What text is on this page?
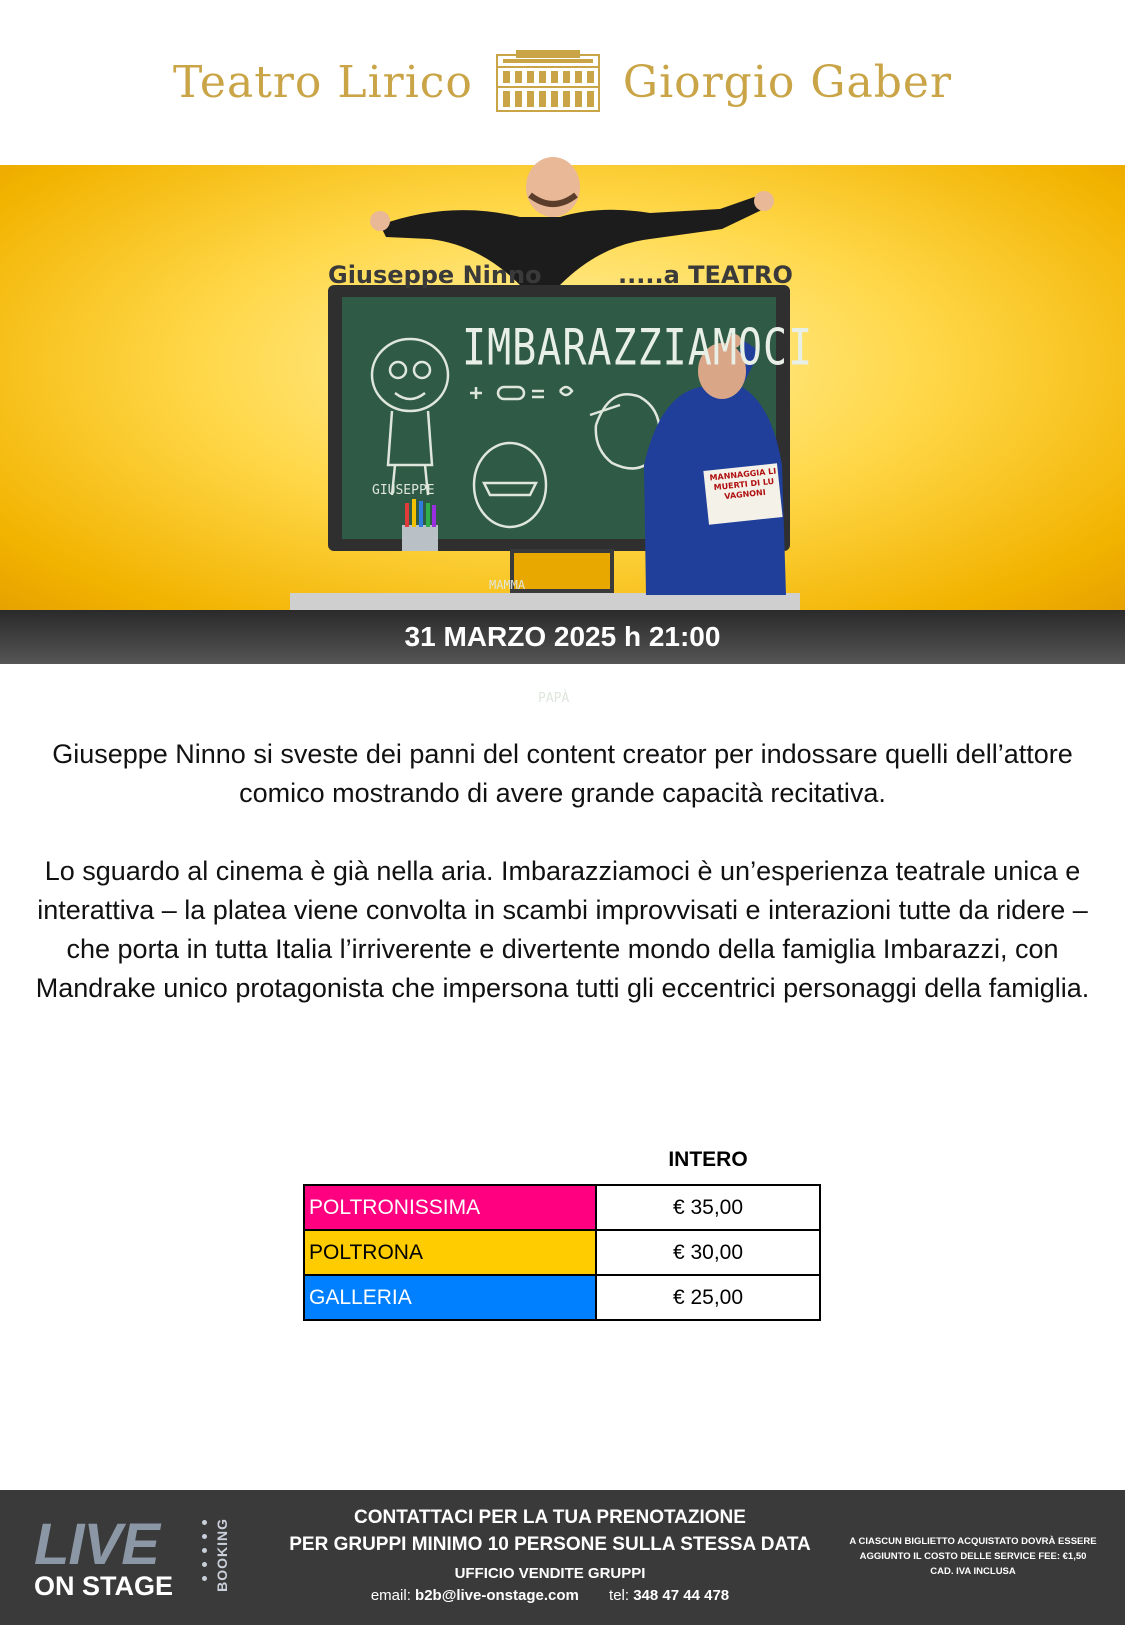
Teatro Lirico	Giorgio Gaber
Giuseppe Ninno	.....a TEATRO
IMBARAZZIAMOCI
GIUSEPPE
MAMMA
PAPÀ
MANNAGGIA LI MUERTI DI LU VAGNONI
31 MARZO 2025 h 21:00

Giuseppe Ninno si sveste dei panni del content creator per indossare quelli dell’attore comico mostrando di avere grande capacità recitativa.

Lo sguardo al cinema è già nella aria. Imbarazziamoci è un’esperienza teatrale unica e interattiva – la platea viene convolta in scambi improvvisati e interazioni tutte da ridere – che porta in tutta Italia l’irriverente e divertente mondo della famiglia Imbarazzi, con Mandrake unico protagonista che impersona tutti gli eccentrici personaggi della famiglia.

INTERO
POLTRONISSIMA	€ 35,00
POLTRONA	€ 30,00
GALLERIA	€ 25,00
LIVE
ON STAGE	BOOKING
CONTATTACI PER LA TUA PRENOTAZIONE
PER GRUPPI MINIMO 10 PERSONE SULLA STESSA DATA
UFFICIO VENDITE GRUPPI
email: b2b@live-onstage.com tel: 348 47 44 478
A CIASCUN BIGLIETTO ACQUISTATO DOVRÀ ESSERE AGGIUNTO IL COSTO DELLE SERVICE FEE: €1,50 CAD. IVA INCLUSA
